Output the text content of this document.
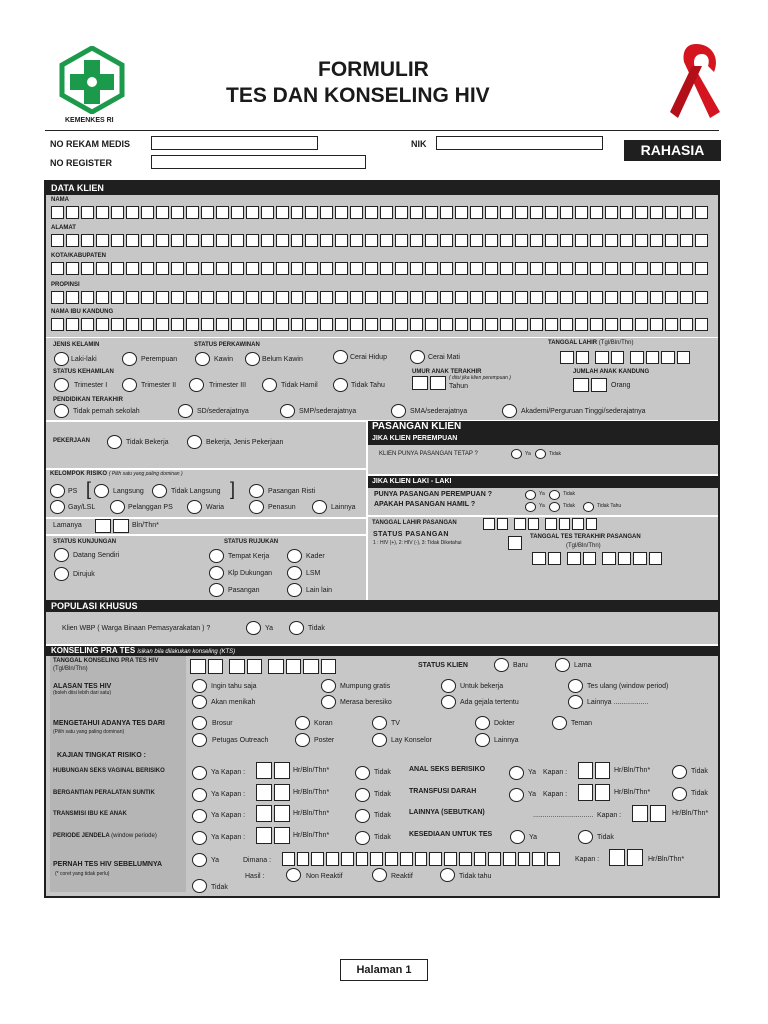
KEMENKES RI
FORMULIR
TES DAN KONSELING HIV
NO REKAM MEDIS	NIK
NO REGISTER
RAHASIA
DATA KLIEN
NAMA
ALAMAT
KOTA/KABUPATEN
PROPINSI
NAMA IBU KANDUNG
JENIS KELAMIN
Laki-laki	Perempuan
STATUS PERKAWINAN
Kawin	Belum Kawin	Cerai Hidup	Cerai Mati
TANGGAL LAHIR (Tgl/Bln/Thn)
STATUS KEHAMILAN
Trimester I	Trimester II	Trimester III	Tidak Hamil	Tidak Tahu
UMUR ANAK TERAKHIR
( diisi jika klien perempuan )
Tahun
JUMLAH ANAK KANDUNG
Orang
PENDIDIKAN TERAKHIR
Tidak pernah sekolah	SD/sederajatnya	SMP/sederajatnya	SMA/sederajatnya	Akademi/Perguruan Tinggi/sederajatnya
PEKERJAAN	Tidak Bekerja	Bekerja, Jenis Pekerjaan
KELOMPOK RISIKO ( Pilih satu yang paling dominan )
PS [	Langsung	Tidak Langsung ]	Pasangan Risti
Gay/LSL	Pelanggan PS	Waria	Penasun	Lainnya
Lamanya	Bln/Thn*
STATUS KUNJUNGAN
Datang Sendiri
Dirujuk
STATUS RUJUKAN
Tempat Kerja	Kader
Klp Dukungan	LSM
Pasangan	Lain lain
PASANGAN KLIEN
JIKA KLIEN PEREMPUAN
KLIEN PUNYA PASANGAN TETAP ?	Ya	Tidak
JIKA KLIEN LAKI - LAKI
PUNYA PASANGAN PEREMPUAN ?	Ya	Tidak
APAKAH PASANGAN HAMIL ?	Ya	Tidak	Tidak Tahu
TANGGAL LAHIR PASANGAN
STATUS PASANGAN
1 : HIV (+), 2: HIV (-), 3: Tidak Diketahui
TANGGAL TES TERAKHIR PASANGAN
(Tgl/Bln/Thn)
POPULASI KHUSUS
Klien WBP ( Warga Binaan Pemasyarakatan ) ?	Ya	Tidak
KONSELING PRA TES isikan bila dilakukan konseling (KTS)
TANGGAL KONSELING PRA TES HIV
(Tgl/Bln/Thn)	STATUS KLIEN	Baru	Lama
ALASAN TES HIV
(boleh diisi lebih dari satu)
Ingin tahu saja	Mumpung gratis	Untuk bekerja	Tes ulang (window period)
Akan menikah	Merasa beresiko	Ada gejala tertentu	Lainnya ..................
MENGETAHUI ADANYA TES DARI
(Pilih satu yang paling dominan)
Brosur	Koran	TV	Dokter	Teman
Petugas Outreach	Poster	Lay Konselor	Lainnya
KAJIAN TINGKAT RISIKO :
HUBUNGAN SEKS VAGINAL BERISIKO	Ya Kapan :	Hr/Bln/Thn*	Tidak	ANAL SEKS BERISIKO	Ya Kapan :	Hr/Bln/Thn*	Tidak
BERGANTIAN PERALATAN SUNTIK	Ya Kapan :	Hr/Bln/Thn*	Tidak	TRANSFUSI DARAH	Ya Kapan :	Hr/Bln/Thn*	Tidak
TRANSMISI IBU KE ANAK	Ya Kapan :	Hr/Bln/Thn*	Tidak	LAINNYA (SEBUTKAN)	............................... Kapan :	Hr/Bln/Thn*
PERIODE JENDELA (window periode)	Ya Kapan :	Hr/Bln/Thn*	Tidak	KESEDIAAN UNTUK TES	Ya	Tidak
PERNAH TES HIV SEBELUMNYA
(* coret yang tidak perlu)
Ya	Dimana :	Kapan :	Hr/Bln/Thn*
Hasil :	Non Reaktif	Reaktif	Tidak tahu
Tidak
Halaman 1
